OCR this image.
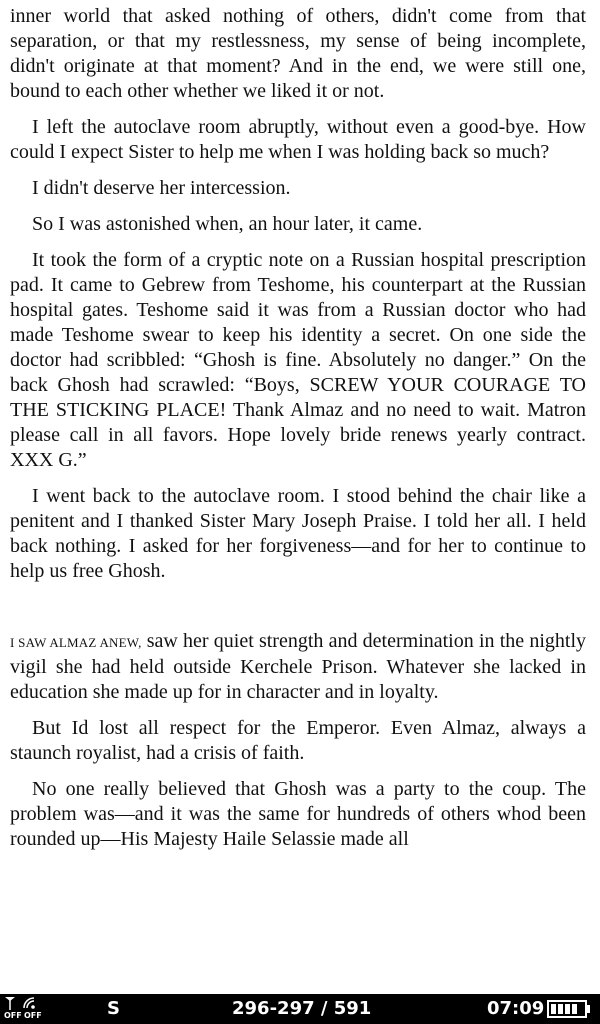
inner world that asked nothing of others, didn't come from that separation, or that my restlessness, my sense of being incomplete, didn't originate at that moment? And in the end, we were still one, bound to each other whether we liked it or not.

I left the autoclave room abruptly, without even a good-bye. How could I expect Sister to help me when I was holding back so much?

I didn't deserve her intercession.

So I was astonished when, an hour later, it came.

It took the form of a cryptic note on a Russian hospital prescription pad. It came to Gebrew from Teshome, his counterpart at the Russian hospital gates. Teshome said it was from a Russian doctor who had made Teshome swear to keep his identity a secret. On one side the doctor had scribbled: “Ghosh is fine. Absolutely no danger.” On the back Ghosh had scrawled: “Boys, SCREW YOUR COURAGE TO THE STICKING PLACE! Thank Almaz and no need to wait. Matron please call in all favors. Hope lovely bride renews yearly contract. XXX G.”

I went back to the autoclave room. I stood behind the chair like a penitent and I thanked Sister Mary Joseph Praise. I told her all. I held back nothing. I asked for her forgiveness—and for her to continue to help us free Ghosh.

I SAW ALMAZ ANEW, saw her quiet strength and determination in the nightly vigil she had held outside Kerchele Prison. Whatever she lacked in education she made up for in character and in loyalty.

But Id lost all respect for the Emperor. Even Almaz, always a staunch royalist, had a crisis of faith.

No one really believed that Ghosh was a party to the coup. The problem was—and it was the same for hundreds of others whod been rounded up—His Majesty Haile Selassie made all

OFF OFF	S	296-297 / 591	07:09
